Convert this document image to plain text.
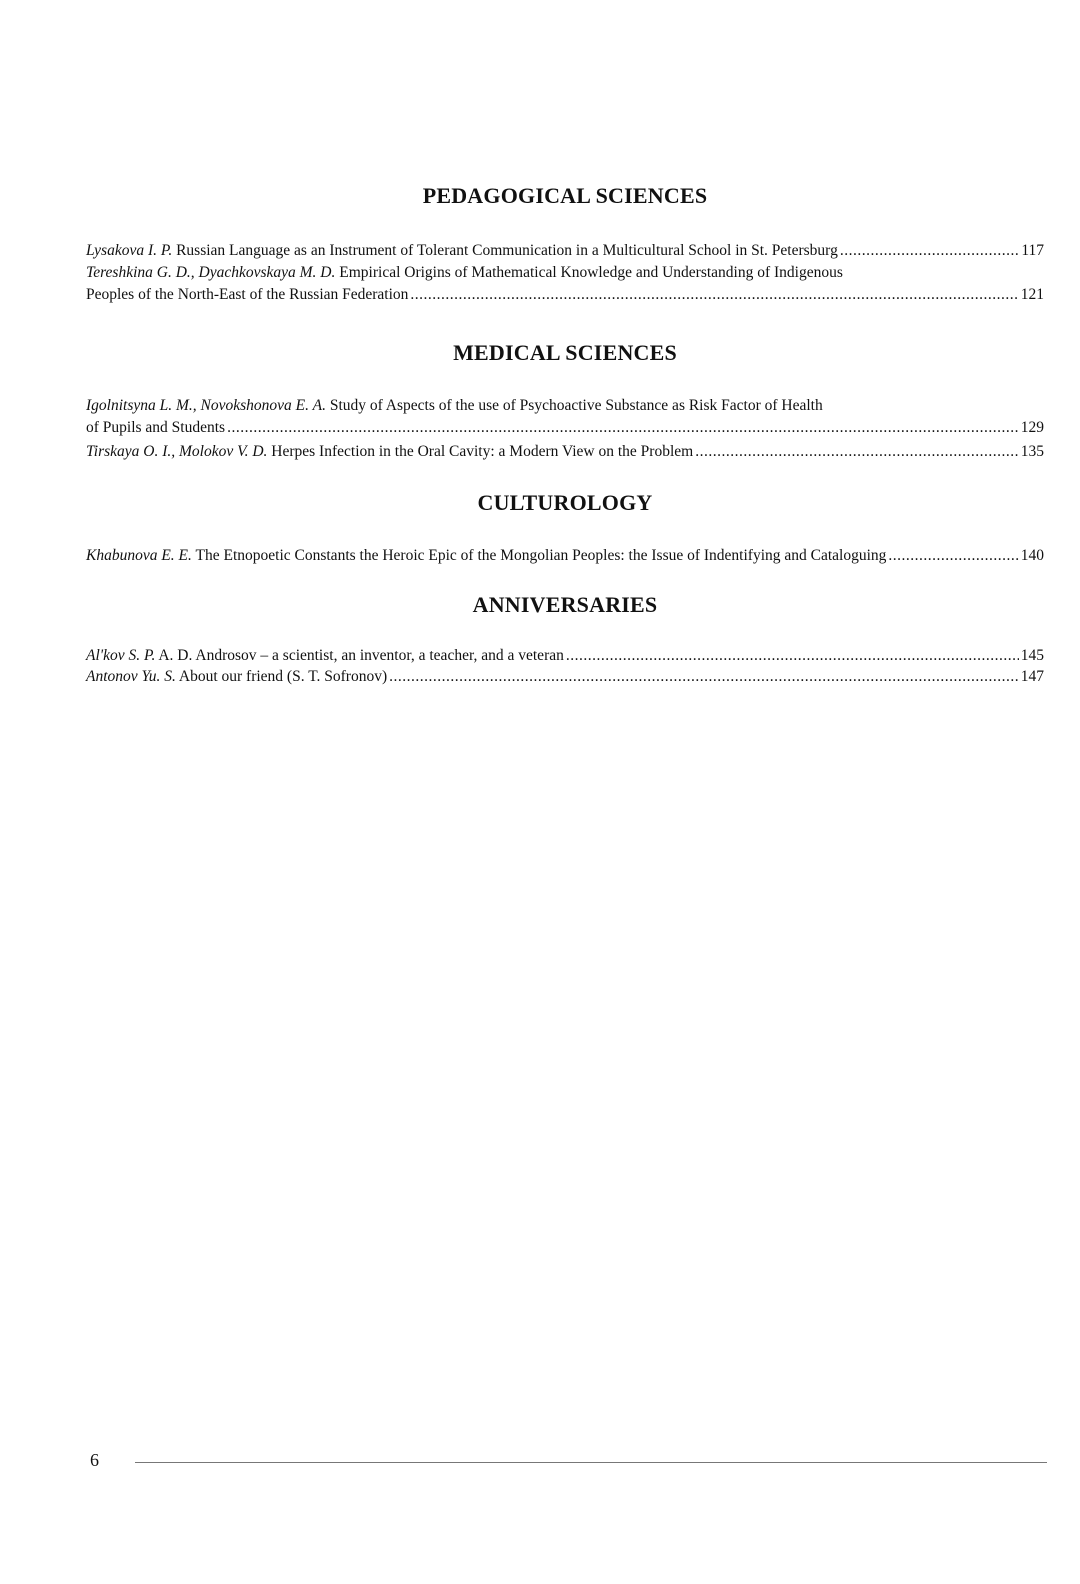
PEDAGOGICAL SCIENCES
Lysakova I. P. Russian Language as an Instrument of Tolerant Communication in a Multicultural School in St. Petersburg .....	117
Tereshkina G. D., Dyachkovskaya M. D. Empirical Origins of Mathematical Knowledge and Understanding of Indigenous
Peoples of the North-East of the Russian Federation .....	121
MEDICAL SCIENCES
Igolnitsyna L. M., Novokshonova E. A. Study of Aspects of the use of Psychoactive Substance as Risk Factor of Health
of Pupils and Students .....	129
Tirskaya O. I., Molokov V. D. Herpes Infection in the Oral Cavity: a Modern View on the Problem .....	135
CULTUROLOGY
Khabunova E. E. The Etnopoetic Constants the Heroic Epic of the Mongolian Peoples: the Issue of Indentifying and Cataloguing .....	140
ANNIVERSARIES
Al'kov S. P. A. D. Androsov – a scientist, an inventor, a teacher, and a veteran .....	145
Antonov Yu. S. About our friend (S. T. Sofronov) .....	147
6
